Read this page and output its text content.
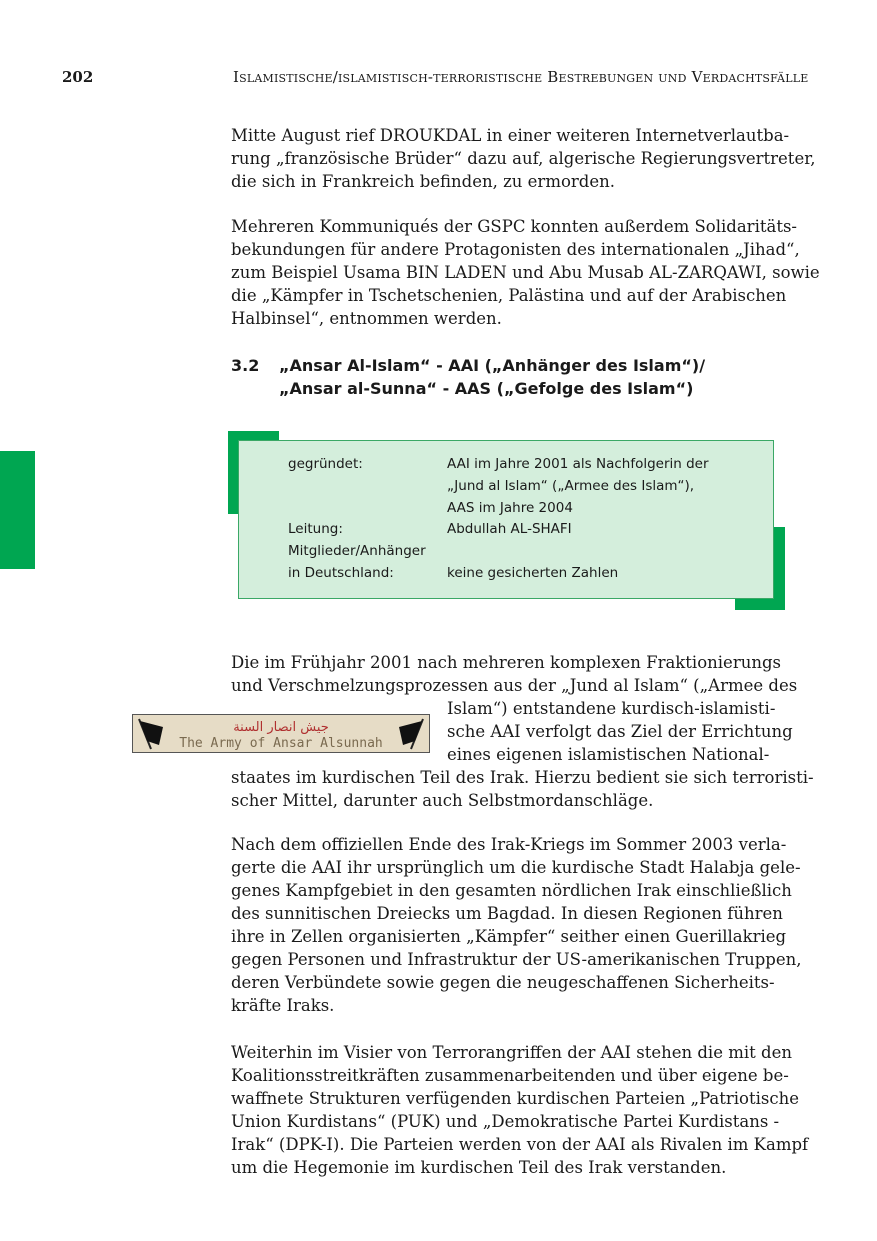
202	Islamistische/islamistisch-terroristische Bestrebungen und Verdachtsfälle
Mitte August rief DROUKDAL in einer weiteren Internetverlautba-
rung „französische Brüder“ dazu auf, algerische Regierungsvertreter,
die sich in Frankreich befinden, zu ermorden.
Mehreren Kommuniqués der GSPC konnten außerdem Solidaritäts-
bekundungen für andere Protagonisten des internationalen „Jihad“,
zum Beispiel Usama BIN LADEN und Abu Musab AL-ZARQAWI, sowie
die „Kämpfer in Tschetschenien, Palästina und auf der Arabischen
Halbinsel“, entnommen werden.
3.2 „Ansar Al-Islam“ - AAI („Anhänger des Islam“)/
„Ansar al-Sunna“ - AAS („Gefolge des Islam“)
gegründet:	AAI im Jahre 2001 als Nachfolgerin der
„Jund al Islam“ („Armee des Islam“),
AAS im Jahre 2004
Leitung:	Abdullah AL-SHAFI
Mitglieder/Anhänger
in Deutschland:	keine gesicherten Zahlen
جيش انصار السنة
The Army of Ansar Alsunnah
Die im Frühjahr 2001 nach mehreren komplexen Fraktionierungs
und Verschmelzungsprozessen aus der „Jund al Islam“ („Armee des
Islam“) entstandene kurdisch-islamisti-
sche AAI verfolgt das Ziel der Errichtung
eines eigenen islamistischen National-
staates im kurdischen Teil des Irak. Hierzu bedient sie sich terroristi-
scher Mittel, darunter auch Selbstmordanschläge.
Nach dem offiziellen Ende des Irak-Kriegs im Sommer 2003 verla-
gerte die AAI ihr ursprünglich um die kurdische Stadt Halabja gele-
genes Kampfgebiet in den gesamten nördlichen Irak einschließlich
des sunnitischen Dreiecks um Bagdad. In diesen Regionen führen
ihre in Zellen organisierten „Kämpfer“ seither einen Guerillakrieg
gegen Personen und Infrastruktur der US-amerikanischen Truppen,
deren Verbündete sowie gegen die neugeschaffenen Sicherheits-
kräfte Iraks.
Weiterhin im Visier von Terrorangriffen der AAI stehen die mit den
Koalitionsstreitkräften zusammenarbeitenden und über eigene be-
waffnete Strukturen verfügenden kurdischen Parteien „Patriotische
Union Kurdistans“ (PUK) und „Demokratische Partei Kurdistans -
Irak“ (DPK-I). Die Parteien werden von der AAI als Rivalen im Kampf
um die Hegemonie im kurdischen Teil des Irak verstanden.
